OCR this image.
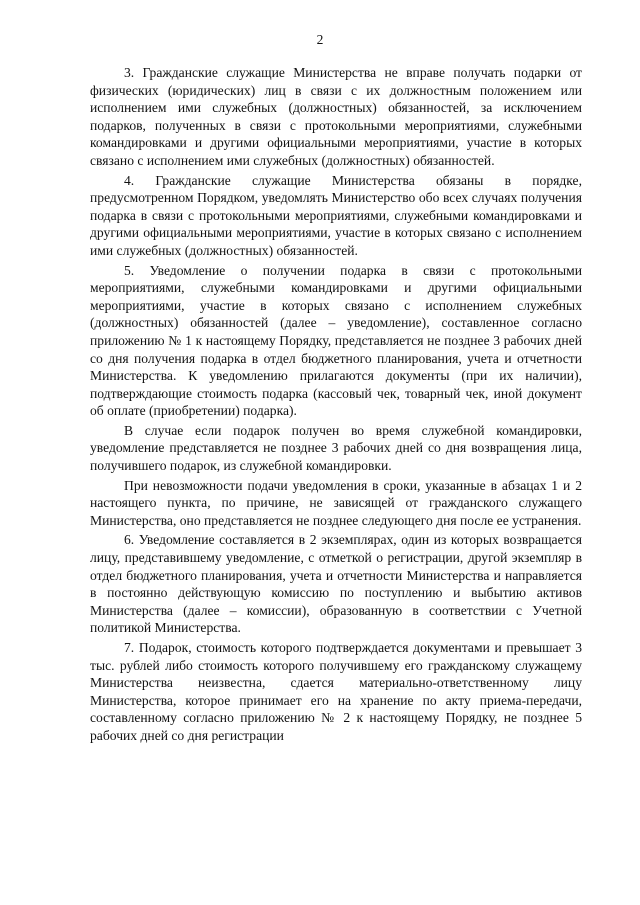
2

3. Гражданские служащие Министерства не вправе получать подарки от физических (юридических) лиц в связи с их должностным положением или исполнением ими служебных (должностных) обязанностей, за исключением подарков, полученных в связи с протокольными мероприятиями, служебными командировками и другими официальными мероприятиями, участие в которых связано с исполнением ими служебных (должностных) обязанностей.

4. Гражданские служащие Министерства обязаны в порядке, предусмотренном Порядком, уведомлять Министерство обо всех случаях получения подарка в связи с протокольными мероприятиями, служебными командировками и другими официальными мероприятиями, участие в которых связано с исполнением ими служебных (должностных) обязанностей.

5. Уведомление о получении подарка в связи с протокольными мероприятиями, служебными командировками и другими официальными мероприятиями, участие в которых связано с исполнением служебных (должностных) обязанностей (далее – уведомление), составленное согласно приложению № 1 к настоящему Порядку, представляется не позднее 3 рабочих дней со дня получения подарка в отдел бюджетного планирования, учета и отчетности Министерства. К уведомлению прилагаются документы (при их наличии), подтверждающие стоимость подарка (кассовый чек, товарный чек, иной документ об оплате (приобретении) подарка).

В случае если подарок получен во время служебной командировки, уведомление представляется не позднее 3 рабочих дней со дня возвращения лица, получившего подарок, из служебной командировки.

При невозможности подачи уведомления в сроки, указанные в абзацах 1 и 2 настоящего пункта, по причине, не зависящей от гражданского служащего Министерства, оно представляется не позднее следующего дня после ее устранения.

6. Уведомление составляется в 2 экземплярах, один из которых возвращается лицу, представившему уведомление, с отметкой о регистрации, другой экземпляр в отдел бюджетного планирования, учета и отчетности Министерства и направляется в постоянно действующую комиссию по поступлению и выбытию активов Министерства (далее – комиссии), образованную в соответствии с Учетной политикой Министерства.

7. Подарок, стоимость которого подтверждается документами и превышает 3 тыс. рублей либо стоимость которого получившему его гражданскому служащему Министерства неизвестна, сдается материально-ответственному лицу Министерства, которое принимает его на хранение по акту приема-передачи, составленному согласно приложению № 2 к настоящему Порядку, не позднее 5 рабочих дней со дня регистрации
